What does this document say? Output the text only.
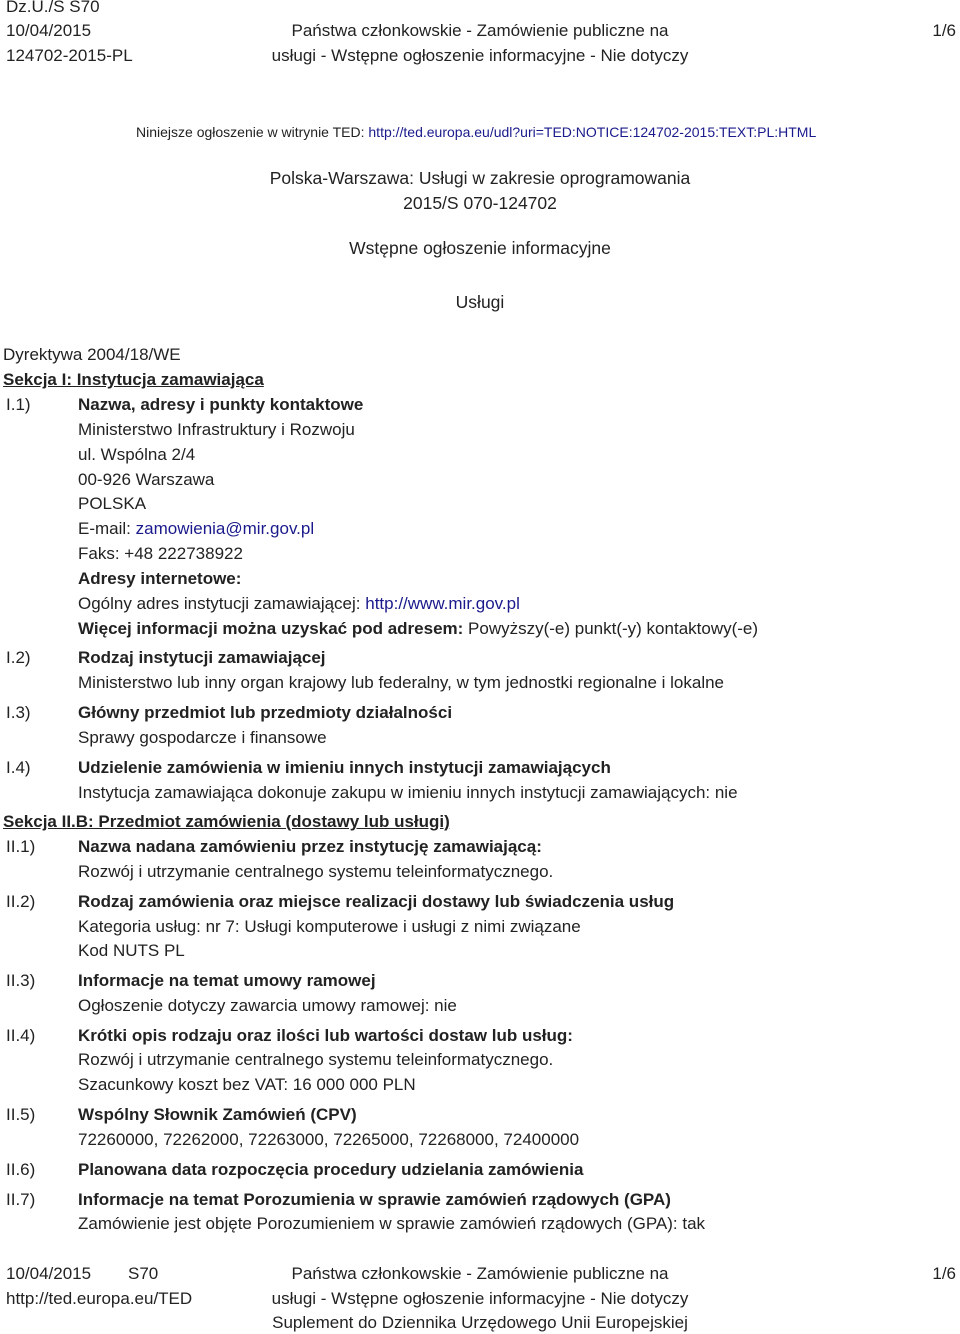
Dz.U./S S70
10/04/2015
124702-2015-PL
Państwa członkowskie - Zamówienie publiczne na
usługi - Wstępne ogłoszenie informacyjne - Nie dotyczy
1/6
Niniejsze ogłoszenie w witrynie TED: http://ted.europa.eu/udl?uri=TED:NOTICE:124702-2015:TEXT:PL:HTML
Polska-Warszawa: Usługi w zakresie oprogramowania
2015/S 070-124702
Wstępne ogłoszenie informacyjne
Usługi
Dyrektywa 2004/18/WE
Sekcja I: Instytucja zamawiająca
I.1)	Nazwa, adresy i punkty kontaktowe
Ministerstwo Infrastruktury i Rozwoju
ul. Wspólna 2/4
00-926 Warszawa
POLSKA
E-mail: zamowienia@mir.gov.pl
Faks: +48 222738922
Adresy internetowe:
Ogólny adres instytucji zamawiającej: http://www.mir.gov.pl
Więcej informacji można uzyskać pod adresem: Powyższy(-e) punkt(-y) kontaktowy(-e)
I.2)	Rodzaj instytucji zamawiającej
Ministerstwo lub inny organ krajowy lub federalny, w tym jednostki regionalne i lokalne
I.3)	Główny przedmiot lub przedmioty działalności
Sprawy gospodarcze i finansowe
I.4)	Udzielenie zamówienia w imieniu innych instytucji zamawiających
Instytucja zamawiająca dokonuje zakupu w imieniu innych instytucji zamawiających: nie
Sekcja II.B: Przedmiot zamówienia (dostawy lub usługi)
II.1)	Nazwa nadana zamówieniu przez instytucję zamawiającą:
Rozwój i utrzymanie centralnego systemu teleinformatycznego.
II.2)	Rodzaj zamówienia oraz miejsce realizacji dostawy lub świadczenia usług
Kategoria usług: nr 7: Usługi komputerowe i usługi z nimi związane
Kod NUTS PL
II.3)	Informacje na temat umowy ramowej
Ogłoszenie dotyczy zawarcia umowy ramowej: nie
II.4)	Krótki opis rodzaju oraz ilości lub wartości dostaw lub usług:
Rozwój i utrzymanie centralnego systemu teleinformatycznego.
Szacunkowy koszt bez VAT: 16 000 000 PLN
II.5)	Wspólny Słownik Zamówień (CPV)
72260000, 72262000, 72263000, 72265000, 72268000, 72400000
II.6)	Planowana data rozpoczęcia procedury udzielania zamówienia
II.7)	Informacje na temat Porozumienia w sprawie zamówień rządowych (GPA)
Zamówienie jest objęte Porozumieniem w sprawie zamówień rządowych (GPA): tak
10/04/2015 S70
http://ted.europa.eu/TED
Państwa członkowskie - Zamówienie publiczne na
usługi - Wstępne ogłoszenie informacyjne - Nie dotyczy
Suplement do Dziennika Urzędowego Unii Europejskiej
1/6
